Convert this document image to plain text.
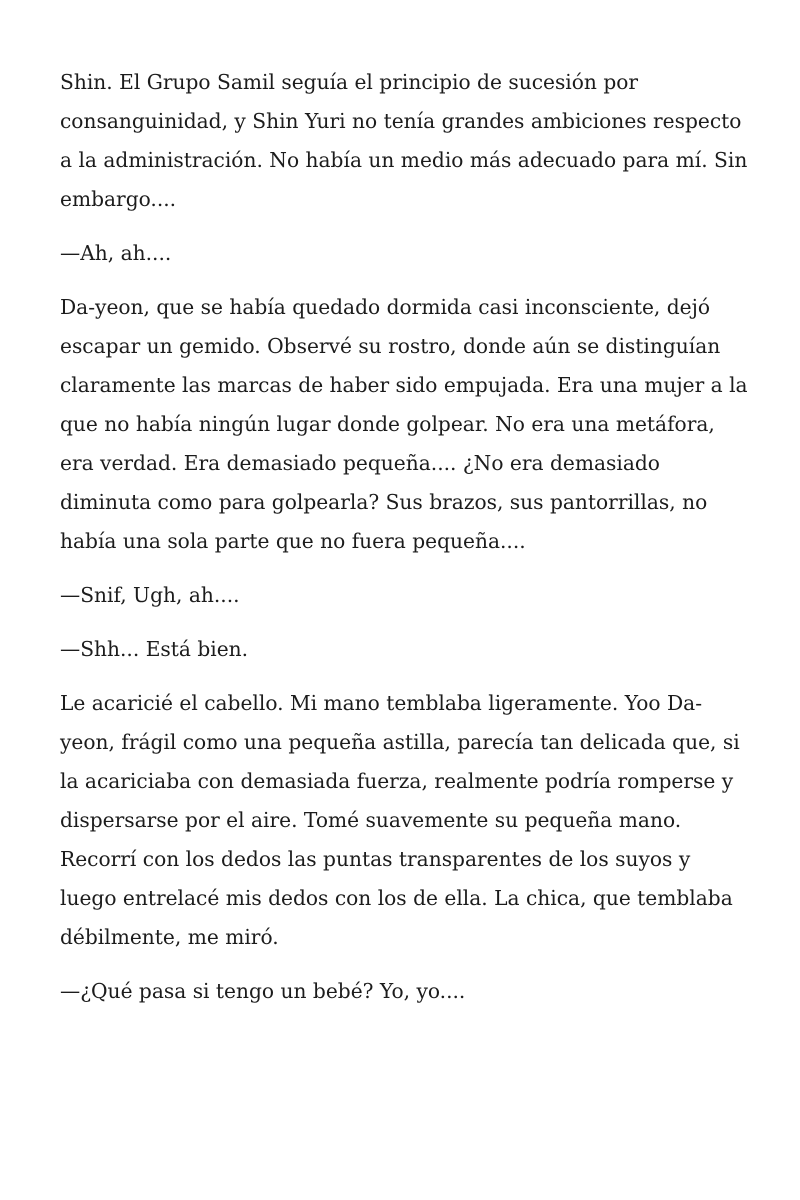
Shin. El Grupo Samil seguía el principio de sucesión por consanguinidad, y Shin Yuri no tenía grandes ambiciones respecto a la administración. No había un medio más adecuado para mí. Sin embargo....

—Ah, ah....

Da-yeon, que se había quedado dormida casi inconsciente, dejó escapar un gemido. Observé su rostro, donde aún se distinguían claramente las marcas de haber sido empujada. Era una mujer a la que no había ningún lugar donde golpear. No era una metáfora, era verdad. Era demasiado pequeña.... ¿No era demasiado diminuta como para golpearla? Sus brazos, sus pantorrillas, no había una sola parte que no fuera pequeña....

—Snif, Ugh, ah....

—Shh... Está bien.

Le acaricié el cabello. Mi mano temblaba ligeramente. Yoo Da-yeon, frágil como una pequeña astilla, parecía tan delicada que, si la acariciaba con demasiada fuerza, realmente podría romperse y dispersarse por el aire. Tomé suavemente su pequeña mano. Recorrí con los dedos las puntas transparentes de los suyos y luego entrelacé mis dedos con los de ella. La chica, que temblaba débilmente, me miró.

—¿Qué pasa si tengo un bebé? Yo, yo....
